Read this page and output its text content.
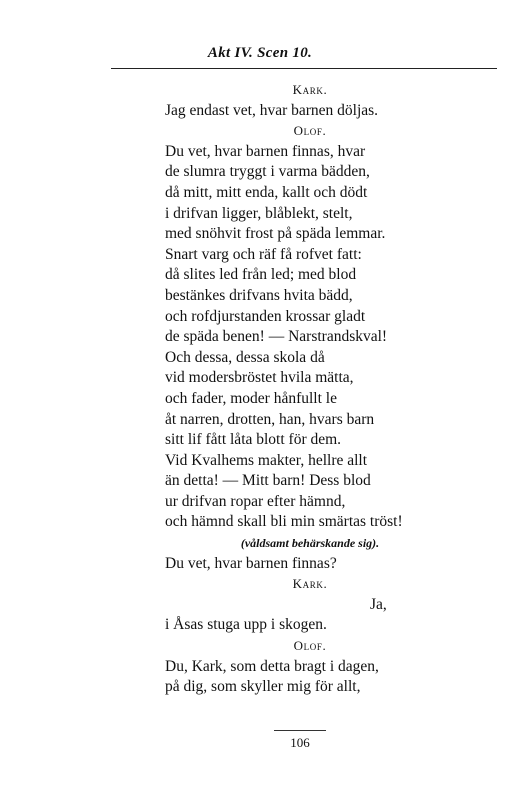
Akt IV. Scen 10.
Kark.
Jag endast vet, hvar barnen döljas.
Olof.
Du vet, hvar barnen finnas, hvar
de slumra tryggt i varma bädden,
då mitt, mitt enda, kallt och dödt
i drifvan ligger, blåblekt, stelt,
med snöhvit frost på späda lemmar.
Snart varg och räf få rofvet fatt:
då slites led från led; med blod
bestänkes drifvans hvita bädd,
och rofdjurstanden krossar gladt
de späda benen! — Narstrandskval!
Och dessa, dessa skola då
vid modersbröstet hvila mätta,
och fader, moder hånfullt le
åt narren, drotten, han, hvars barn
sitt lif fått låta blott för dem.
Vid Kvalhems makter, hellre allt
än detta! — Mitt barn! Dess blod
ur drifvan ropar efter hämnd,
och hämnd skall bli min smärtas tröst!
(våldsamt behärskande sig).
Du vet, hvar barnen finnas?
Kark.
Ja,
i Åsas stuga upp i skogen.
Olof.
Du, Kark, som detta bragt i dagen,
på dig, som skyller mig för allt,
106
